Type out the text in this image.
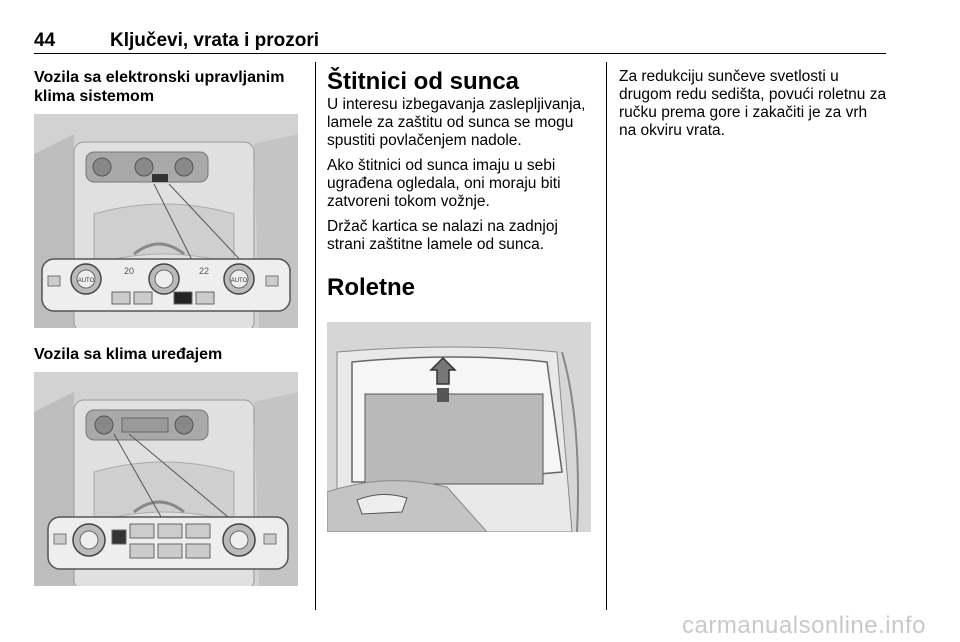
44	Ključevi, vrata i prozori
Vozila sa elektronski upravljanim klima sistemom
AUTO	AUTO
20	22
Vozila sa klima uređajem
Štitnici od sunca

U interesu izbegavanja zaslepljivanja, lamele za zaštitu od sunca se mogu spustiti povlačenjem nadole.

Ako štitnici od sunca imaju u sebi ugrađena ogledala, oni moraju biti zatvoreni tokom vožnje.

Držač kartica se nalazi na zadnjoj strani zaštitne lamele od sunca.

Roletne

Za redukciju sunčeve svetlosti u drugom redu sedišta, povući roletnu za ručku prema gore i zakačiti je za vrh na okviru vrata.

carmanualsonline.info
